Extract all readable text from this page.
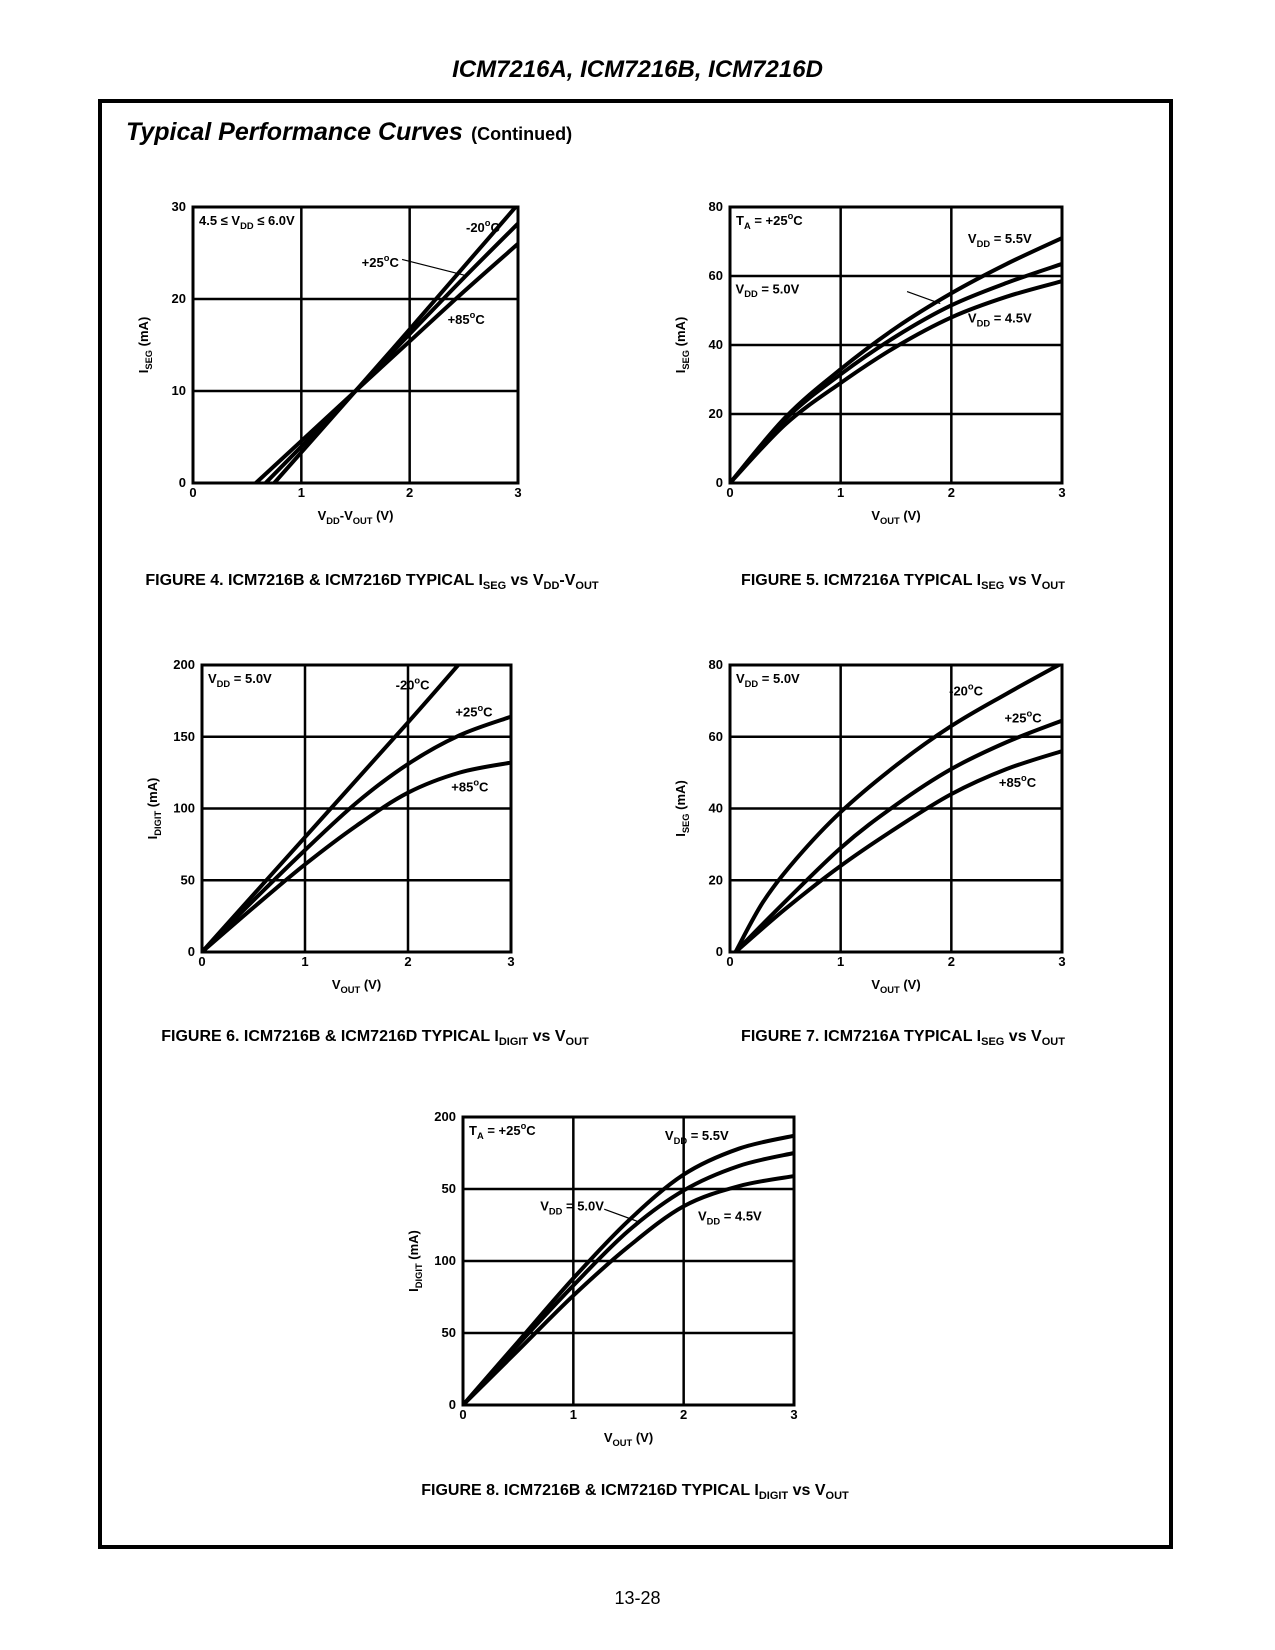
ICM7216A, ICM7216B, ICM7216D
Typical Performance Curves (Continued)
0	1	2	3
0
10
20
30
$V_{DD}-V_{OUT}$ (V)
$I_{SEG}$ (mA)
$4.5 \le V_{DD} \le 6.0V$	$-20^oC$
$+25^oC$
$+85^oC$
FIGURE 4. ICM7216B & ICM7216D TYPICAL $I_{SEG}$ vs $V_{DD}-V_{OUT}$
0	1	2	3
0
20
40
60
80
$V_{OUT}$ (V)
$I_{SEG}$ (mA)
$T_A = +25^oC$
$V_{DD} = 5.5V$
$V_{DD} = 5.0V$
$V_{DD} = 4.5V$
FIGURE 5. ICM7216A TYPICAL $I_{SEG}$ vs $V_{OUT}$
0	1	2	3
0
50
100
150
200
$V_{OUT}$ (V)
$I_{DIGIT}$ (mA)
$V_{DD} = 5.0V$	$-20^oC$
$+25^oC$
$+85^oC$
FIGURE 6. ICM7216B & ICM7216D TYPICAL $I_{DIGIT}$ vs $V_{OUT}$
0	1	2	3
0
20
40
60
80
$V_{OUT}$ (V)
$I_{SEG}$ (mA)
$V_{DD} = 5.0V$
$-20^oC$
$+25^oC$
$+85^oC$
FIGURE 7. ICM7216A TYPICAL $I_{SEG}$ vs $V_{OUT}$
0	1	2	3
0
50
100
50
200
$V_{OUT}$ (V)
$I_{DIGIT}$ (mA)
$T_A = +25^oC$	$V_{DD} = 5.5V$
$V_{DD} = 5.0V$
$V_{DD} = 4.5V$
FIGURE 8. ICM7216B & ICM7216D TYPICAL $I_{DIGIT}$ vs $V_{OUT}$
13-28
